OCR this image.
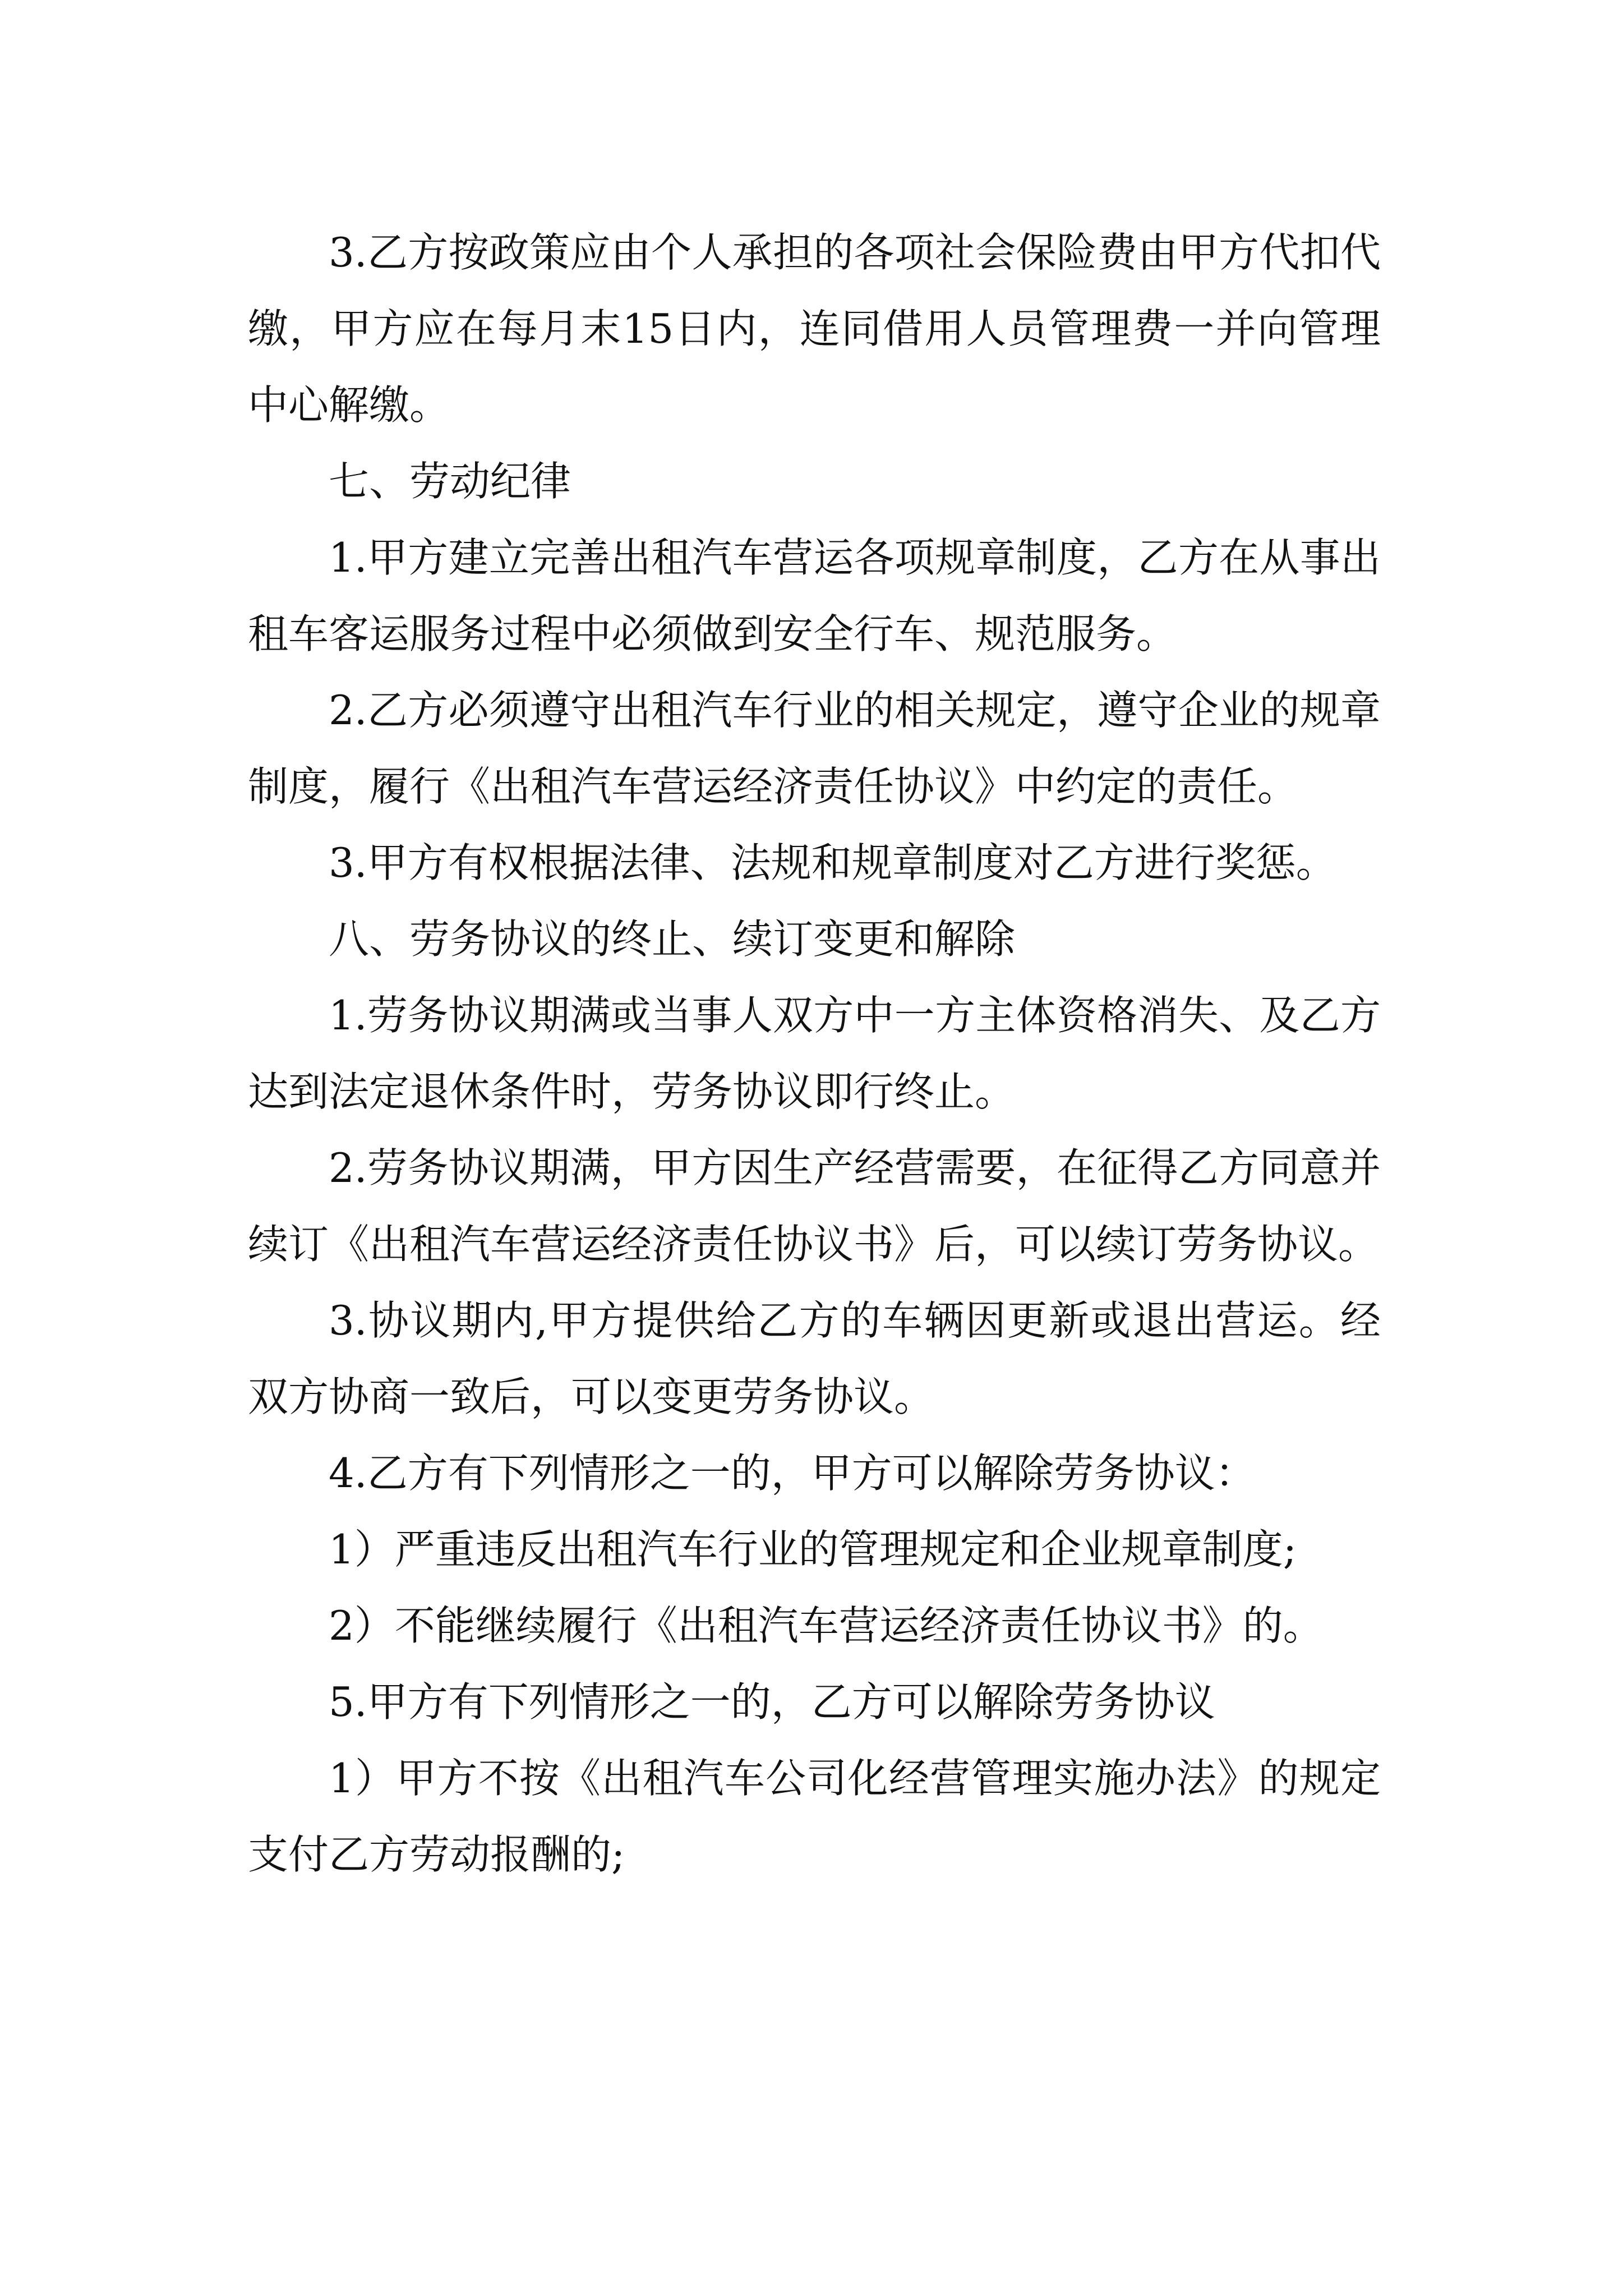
3.乙方按政策应由个人承担的各项社会保险费由甲方代扣代缴，甲方应在每月末15日内，连同借用人员管理费一并向管理中心解缴。

七、劳动纪律

1.甲方建立完善出租汽车营运各项规章制度，乙方在从事出租车客运服务过程中必须做到安全行车、规范服务。

2.乙方必须遵守出租汽车行业的相关规定，遵守企业的规章制度，履行《出租汽车营运经济责任协议》中约定的责任。

3.甲方有权根据法律、法规和规章制度对乙方进行奖惩。

八、劳务协议的终止、续订变更和解除

1.劳务协议期满或当事人双方中一方主体资格消失、及乙方达到法定退休条件时，劳务协议即行终止。

2.劳务协议期满，甲方因生产经营需要，在征得乙方同意并续订《出租汽车营运经济责任协议书》后，可以续订劳务协议。

3.协议期内,甲方提供给乙方的车辆因更新或退出营运。经双方协商一致后，可以变更劳务协议。

4.乙方有下列情形之一的，甲方可以解除劳务协议：

1）严重违反出租汽车行业的管理规定和企业规章制度;

2）不能继续履行《出租汽车营运经济责任协议书》的。

5.甲方有下列情形之一的，乙方可以解除劳务协议

1）甲方不按《出租汽车公司化经营管理实施办法》的规定支付乙方劳动报酬的;
